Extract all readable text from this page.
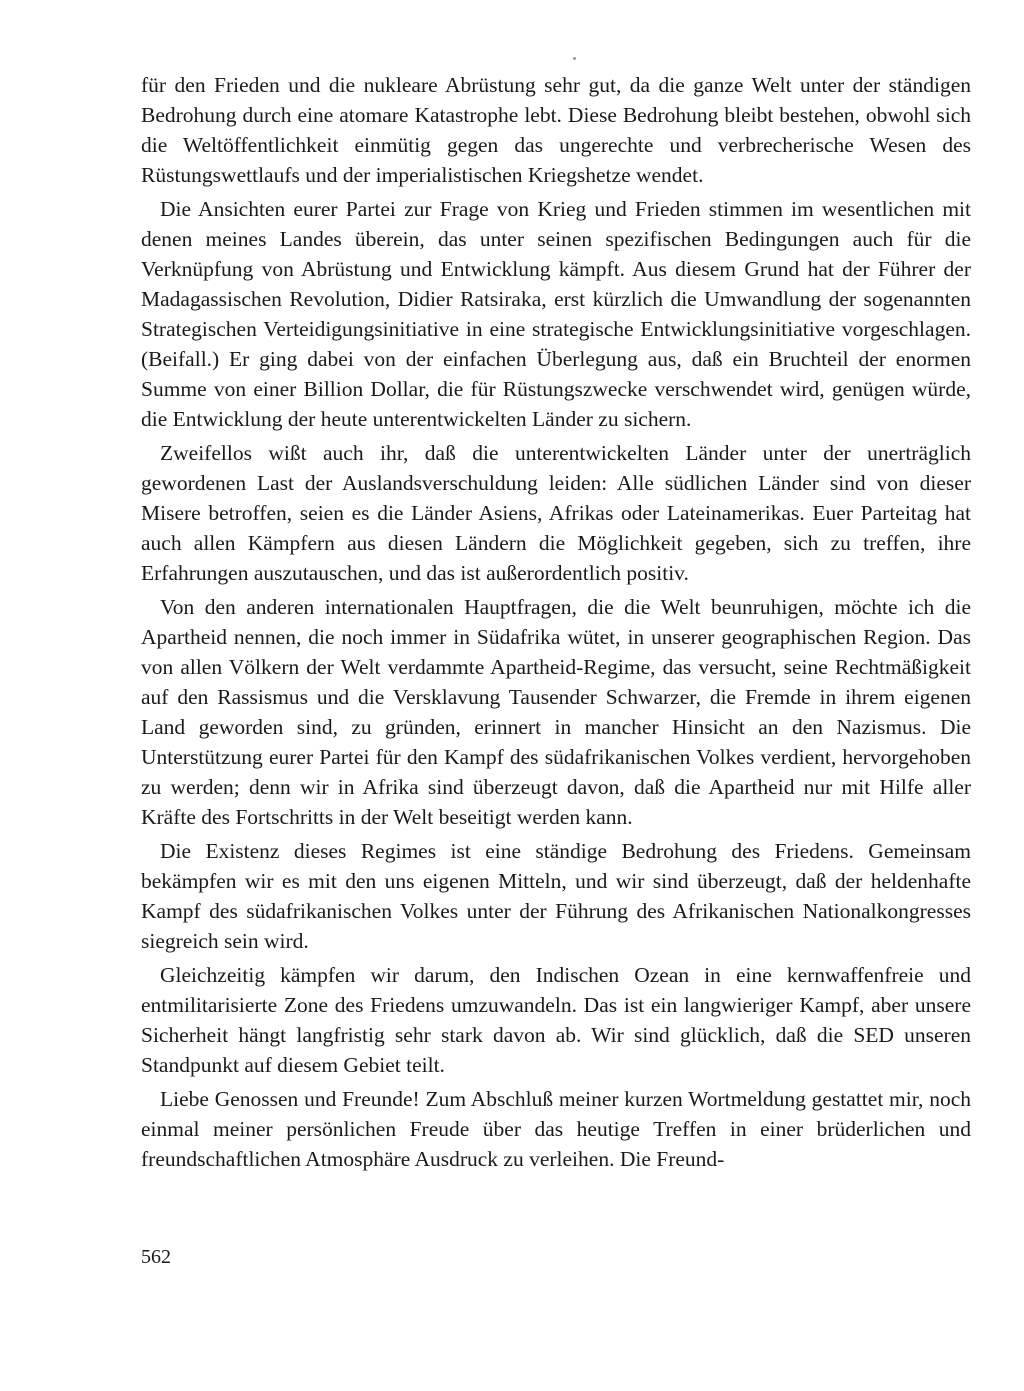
für den Frieden und die nukleare Abrüstung sehr gut, da die ganze Welt unter der ständigen Bedrohung durch eine atomare Katastrophe lebt. Diese Bedrohung bleibt bestehen, obwohl sich die Weltöffentlichkeit einmütig gegen das ungerechte und verbrecherische Wesen des Rüstungswettlaufs und der imperialistischen Kriegshetze wendet.

Die Ansichten eurer Partei zur Frage von Krieg und Frieden stimmen im wesentlichen mit denen meines Landes überein, das unter seinen spezifischen Bedingungen auch für die Verknüpfung von Abrüstung und Entwicklung kämpft. Aus diesem Grund hat der Führer der Madagassischen Revolution, Didier Ratsiraka, erst kürzlich die Umwandlung der sogenannten Strategischen Verteidigungsinitiative in eine strategische Entwicklungsinitiative vorgeschlagen. (Beifall.) Er ging dabei von der einfachen Überlegung aus, daß ein Bruchteil der enormen Summe von einer Billion Dollar, die für Rüstungszwecke verschwendet wird, genügen würde, die Entwicklung der heute unterentwickelten Länder zu sichern.

Zweifellos wißt auch ihr, daß die unterentwickelten Länder unter der unerträglich gewordenen Last der Auslandsverschuldung leiden: Alle südlichen Länder sind von dieser Misere betroffen, seien es die Länder Asiens, Afrikas oder Lateinamerikas. Euer Parteitag hat auch allen Kämpfern aus diesen Ländern die Möglichkeit gegeben, sich zu treffen, ihre Erfahrungen auszutauschen, und das ist außerordentlich positiv.

Von den anderen internationalen Hauptfragen, die die Welt beunruhigen, möchte ich die Apartheid nennen, die noch immer in Südafrika wütet, in unserer geographischen Region. Das von allen Völkern der Welt verdammte Apartheid-Regime, das versucht, seine Rechtmäßigkeit auf den Rassismus und die Versklavung Tausender Schwarzer, die Fremde in ihrem eigenen Land geworden sind, zu gründen, erinnert in mancher Hinsicht an den Nazismus. Die Unterstützung eurer Partei für den Kampf des südafrikanischen Volkes verdient, hervorgehoben zu werden; denn wir in Afrika sind überzeugt davon, daß die Apartheid nur mit Hilfe aller Kräfte des Fortschritts in der Welt beseitigt werden kann.

Die Existenz dieses Regimes ist eine ständige Bedrohung des Friedens. Gemeinsam bekämpfen wir es mit den uns eigenen Mitteln, und wir sind überzeugt, daß der heldenhafte Kampf des südafrikanischen Volkes unter der Führung des Afrikanischen Nationalkongresses siegreich sein wird.

Gleichzeitig kämpfen wir darum, den Indischen Ozean in eine kernwaffenfreie und entmilitarisierte Zone des Friedens umzuwandeln. Das ist ein langwieriger Kampf, aber unsere Sicherheit hängt langfristig sehr stark davon ab. Wir sind glücklich, daß die SED unseren Standpunkt auf diesem Gebiet teilt.

Liebe Genossen und Freunde! Zum Abschluß meiner kurzen Wortmeldung gestattet mir, noch einmal meiner persönlichen Freude über das heutige Treffen in einer brüderlichen und freundschaftlichen Atmosphäre Ausdruck zu verleihen. Die Freund-

562
